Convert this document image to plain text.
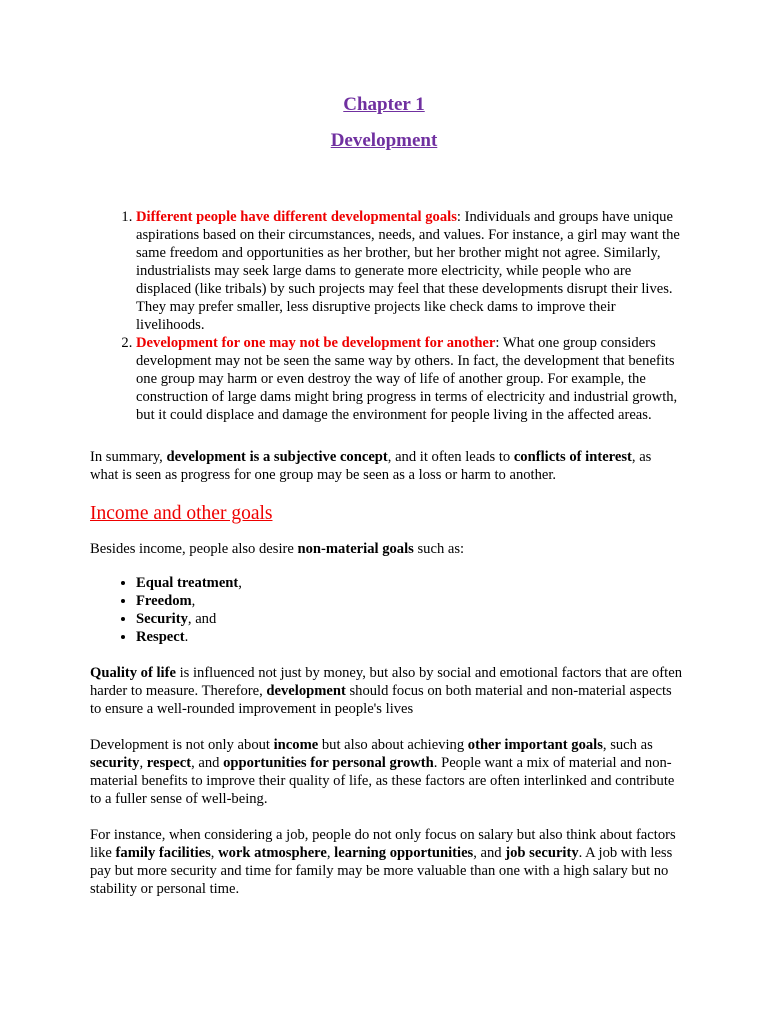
Chapter 1
Development
1. Different people have different developmental goals: Individuals and groups have unique aspirations based on their circumstances, needs, and values. For instance, a girl may want the same freedom and opportunities as her brother, but her brother might not agree. Similarly, industrialists may seek large dams to generate more electricity, while people who are displaced (like tribals) by such projects may feel that these developments disrupt their lives. They may prefer smaller, less disruptive projects like check dams to improve their livelihoods.
2. Development for one may not be development for another: What one group considers development may not be seen the same way by others. In fact, the development that benefits one group may harm or even destroy the way of life of another group. For example, the construction of large dams might bring progress in terms of electricity and industrial growth, but it could displace and damage the environment for people living in the affected areas.

In summary, development is a subjective concept, and it often leads to conflicts of interest, as what is seen as progress for one group may be seen as a loss or harm to another.

Income and other goals

Besides income, people also desire non-material goals such as:

• Equal treatment,
• Freedom,
• Security, and
• Respect.

Quality of life is influenced not just by money, but also by social and emotional factors that are often harder to measure. Therefore, development should focus on both material and non-material aspects to ensure a well-rounded improvement in people's lives

Development is not only about income but also about achieving other important goals, such as security, respect, and opportunities for personal growth. People want a mix of material and non-material benefits to improve their quality of life, as these factors are often interlinked and contribute to a fuller sense of well-being.

For instance, when considering a job, people do not only focus on salary but also think about factors like family facilities, work atmosphere, learning opportunities, and job security. A job with less pay but more security and time for family may be more valuable than one with a high salary but no stability or personal time.
